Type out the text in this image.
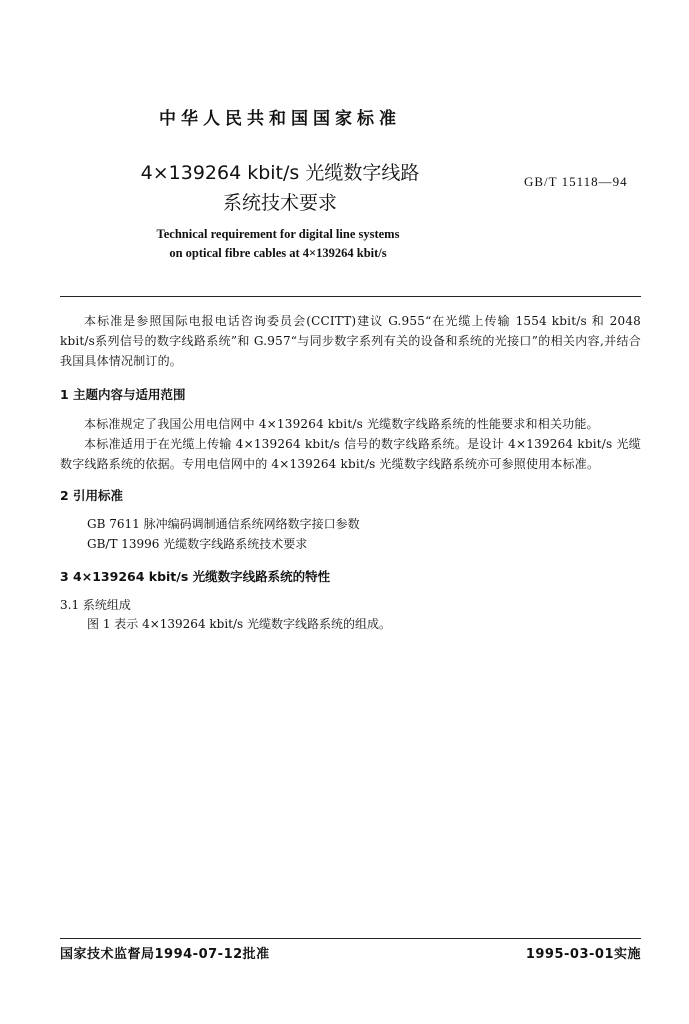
中华人民共和国国家标准
4×139264 kbit/s 光缆数字线路
系统技术要求
GB/T 15118—94
Technical requirement for digital line systems
on optical fibre cables at 4×139264 kbit/s

本标准是参照国际电报电话咨询委员会(CCITT)建议 G.955“在光缆上传输 1554 kbit/s 和 2048 kbit/s系列信号的数字线路系统”和 G.957“与同步数字系列有关的设备和系统的光接口”的相关内容,并结合我国具体情况制订的。

1 主题内容与适用范围

本标准规定了我国公用电信网中 4×139264 kbit/s 光缆数字线路系统的性能要求和相关功能。

本标准适用于在光缆上传输 4×139264 kbit/s 信号的数字线路系统。是设计 4×139264 kbit/s 光缆数字线路系统的依据。专用电信网中的 4×139264 kbit/s 光缆数字线路系统亦可参照使用本标准。

2 引用标准
GB 7611 脉冲编码调制通信系统网络数字接口参数
GB/T 13996 光缆数字线路系统技术要求
3 4×139264 kbit/s 光缆数字线路系统的特性
3.1 系统组成
图 1 表示 4×139264 kbit/s 光缆数字线路系统的组成。
国家技术监督局1994-07-12批准	1995-03-01实施
